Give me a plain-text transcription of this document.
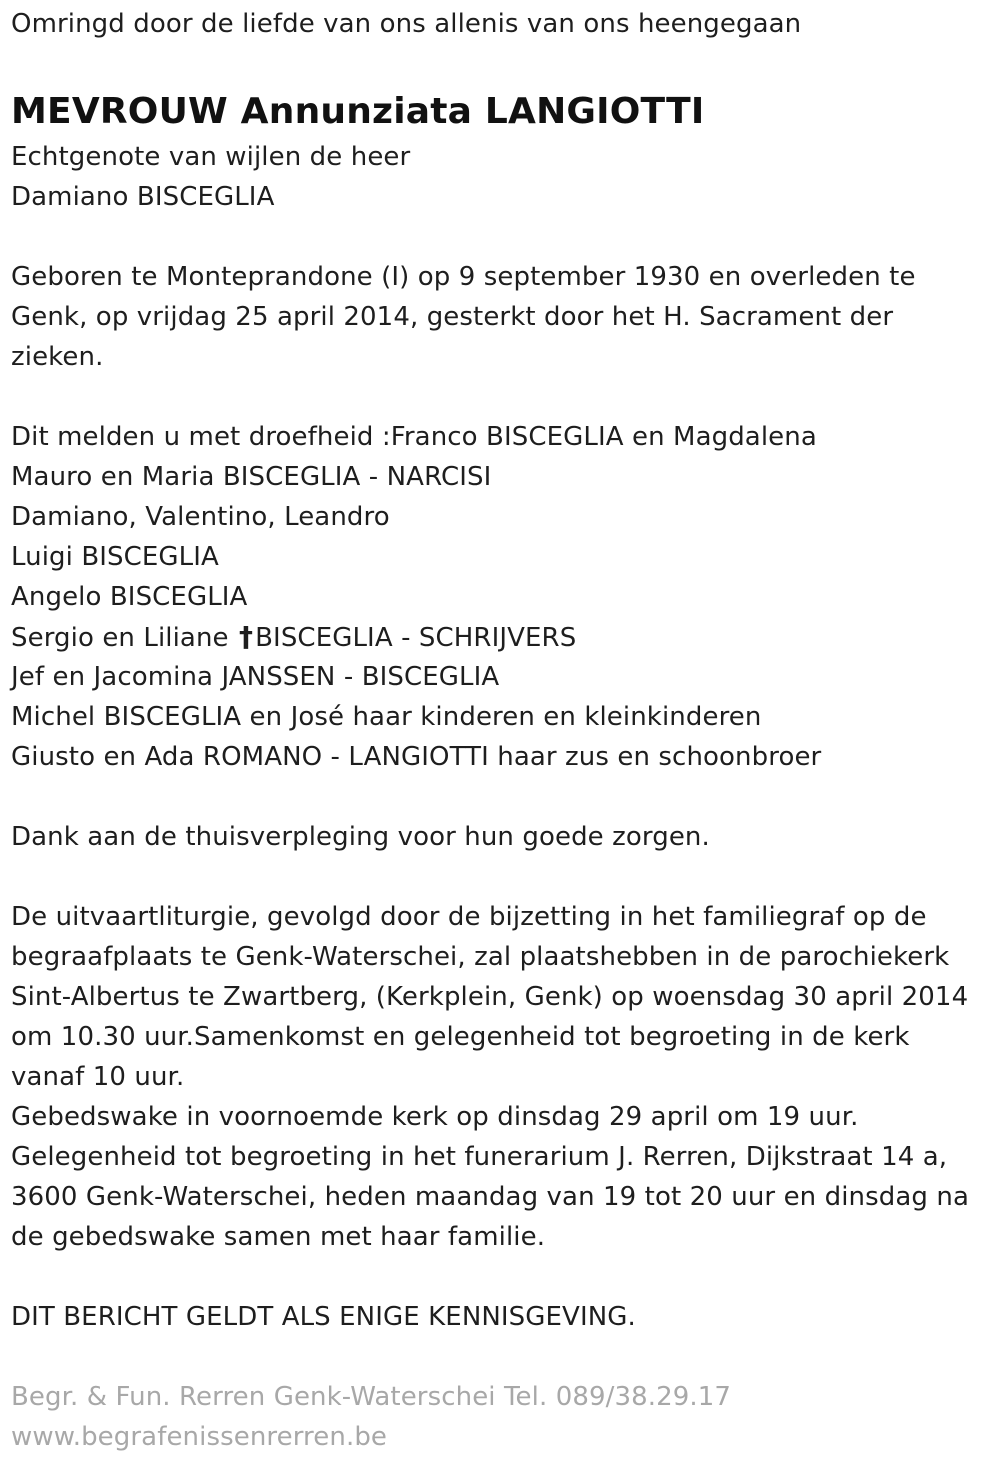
Omringd door de liefde van ons allenis van ons heengegaan
MEVROUW Annunziata LANGIOTTI
Echtgenote van wijlen de heer
Damiano BISCEGLIA
Geboren te Monteprandone (I) op 9 september 1930 en overleden te
Genk, op vrijdag 25 april 2014, gesterkt door het H. Sacrament der
zieken.
Dit melden u met droefheid :Franco BISCEGLIA en Magdalena
Mauro en Maria BISCEGLIA - NARCISI
Damiano, Valentino, Leandro
Luigi BISCEGLIA
Angelo BISCEGLIA
Sergio en Liliane †BISCEGLIA - SCHRIJVERS
Jef en Jacomina JANSSEN - BISCEGLIA
Michel BISCEGLIA en José haar kinderen en kleinkinderen
Giusto en Ada ROMANO - LANGIOTTI haar zus en schoonbroer
Dank aan de thuisverpleging voor hun goede zorgen.
De uitvaartliturgie, gevolgd door de bijzetting in het familiegraf op de
begraafplaats te Genk-Waterschei, zal plaatshebben in de parochiekerk
Sint-Albertus te Zwartberg, (Kerkplein, Genk) op woensdag 30 april 2014
om 10.30 uur.Samenkomst en gelegenheid tot begroeting in de kerk
vanaf 10 uur.
Gebedswake in voornoemde kerk op dinsdag 29 april om 19 uur.
Gelegenheid tot begroeting in het funerarium J. Rerren, Dijkstraat 14 a,
3600 Genk-Waterschei, heden maandag van 19 tot 20 uur en dinsdag na
de gebedswake samen met haar familie.
DIT BERICHT GELDT ALS ENIGE KENNISGEVING.
Begr. & Fun. Rerren Genk-Waterschei Tel. 089/38.29.17
www.begrafenissenrerren.be
